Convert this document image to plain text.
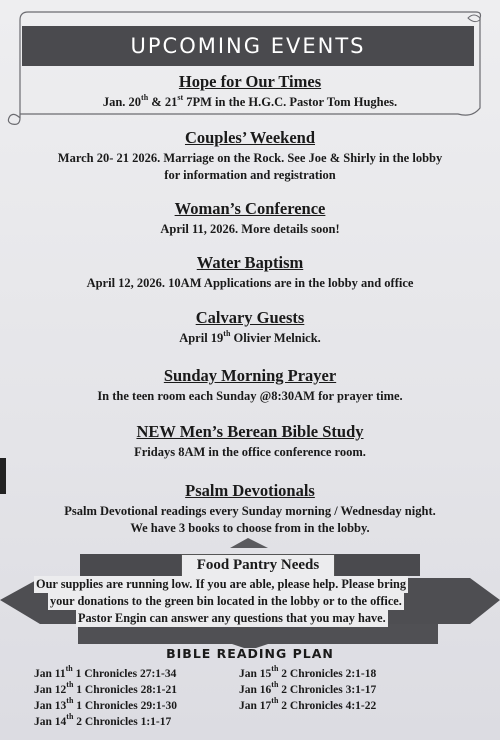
UPCOMING EVENTS
Hope for Our Times
Jan. 20th & 21st 7PM in the H.G.C. Pastor Tom Hughes.
Couples’ Weekend
March 20- 21 2026. Marriage on the Rock. See Joe & Shirly in the lobby
for information and registration
Woman’s Conference
April 11, 2026. More details soon!
Water Baptism
April 12, 2026. 10AM Applications are in the lobby and office
Calvary Guests
April 19th Olivier Melnick.
Sunday Morning Prayer
In the teen room each Sunday @8:30AM for prayer time.
NEW Men’s Berean Bible Study
Fridays 8AM in the office conference room.
Psalm Devotionals
Psalm Devotional readings every Sunday morning / Wednesday night.
We have 3 books to choose from in the lobby.
Food Pantry Needs
Our supplies are running low. If you are able, please help. Please bring
your donations to the green bin located in the lobby or to the office.
Pastor Engin can answer any questions that you may have.
BIBLE READING PLAN
Jan 11th 1 Chronicles 27:1-34
Jan 12th 1 Chronicles 28:1-21
Jan 13th 1 Chronicles 29:1-30
Jan 14th 2 Chronicles 1:1-17
Jan 15th 2 Chronicles 2:1-18
Jan 16th 2 Chronicles 3:1-17
Jan 17th 2 Chronicles 4:1-22
